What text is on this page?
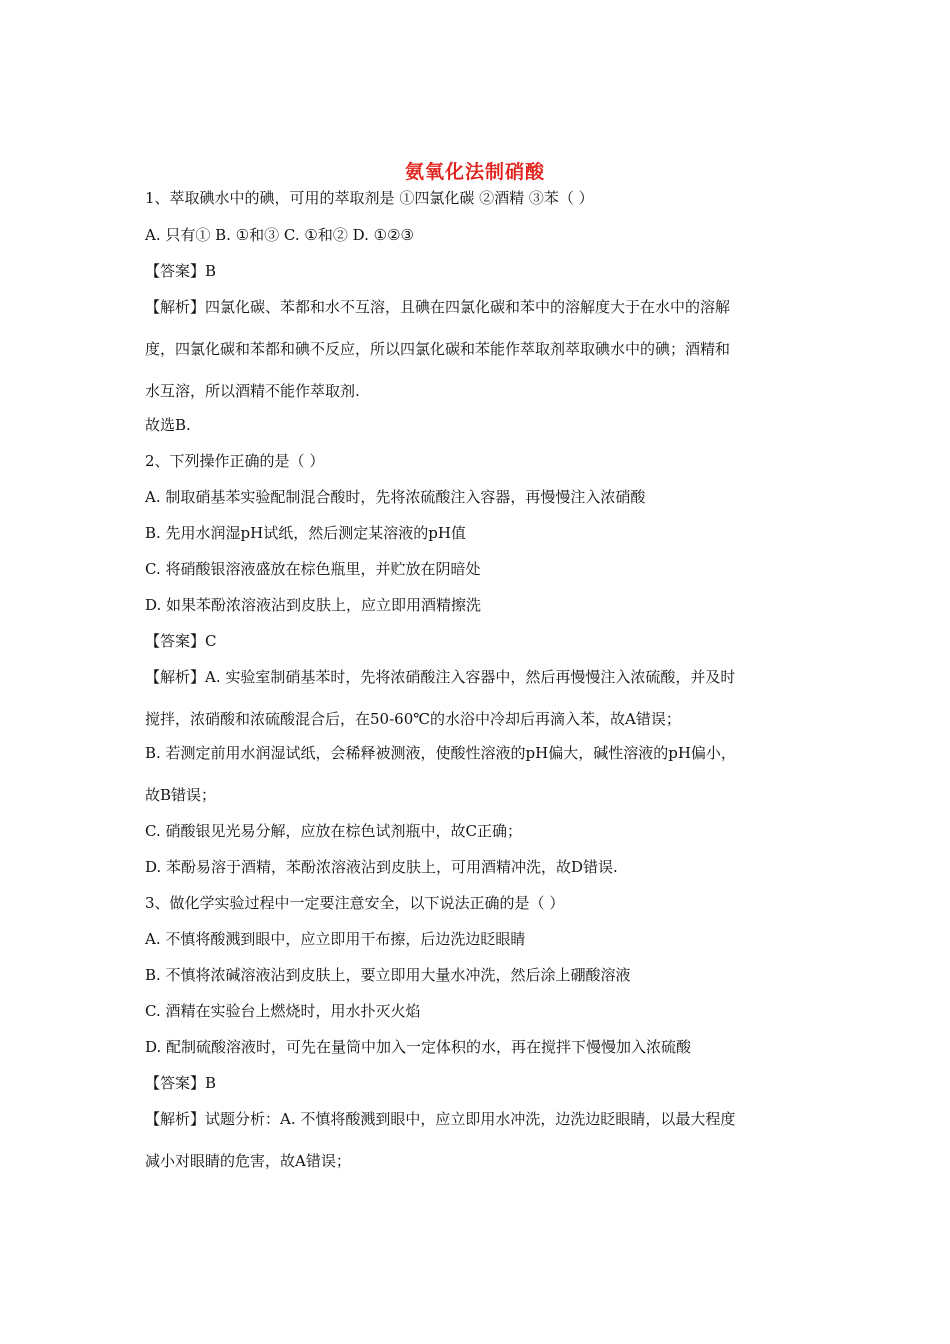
氨氧化法制硝酸
1、萃取碘水中的碘，可用的萃取剂是 ①四氯化碳 ②酒精 ③苯（ ）
A. 只有① B. ①和③ C. ①和② D. ①②③
【答案】B
【解析】四氯化碳、苯都和水不互溶，且碘在四氯化碳和苯中的溶解度大于在水中的溶解
度，四氯化碳和苯都和碘不反应，所以四氯化碳和苯能作萃取剂萃取碘水中的碘；酒精和
水互溶，所以酒精不能作萃取剂.
故选B.
2、下列操作正确的是（ ）
A. 制取硝基苯实验配制混合酸时，先将浓硫酸注入容器，再慢慢注入浓硝酸
B. 先用水润湿pH试纸，然后测定某溶液的pH值
C. 将硝酸银溶液盛放在棕色瓶里，并贮放在阴暗处
D. 如果苯酚浓溶液沾到皮肤上，应立即用酒精擦洗
【答案】C
【解析】A. 实验室制硝基苯时，先将浓硝酸注入容器中，然后再慢慢注入浓硫酸，并及时
搅拌，浓硝酸和浓硫酸混合后，在50-60℃的水浴中冷却后再滴入苯，故A错误；
B. 若测定前用水润湿试纸，会稀释被测液，使酸性溶液的pH偏大，碱性溶液的pH偏小，
故B错误；
C. 硝酸银见光易分解，应放在棕色试剂瓶中，故C正确；
D. 苯酚易溶于酒精，苯酚浓溶液沾到皮肤上，可用酒精冲洗，故D错误.
3、做化学实验过程中一定要注意安全，以下说法正确的是（ ）
A. 不慎将酸溅到眼中，应立即用干布擦，后边洗边眨眼睛
B. 不慎将浓碱溶液沾到皮肤上，要立即用大量水冲洗，然后涂上硼酸溶液
C. 酒精在实验台上燃烧时，用水扑灭火焰
D. 配制硫酸溶液时，可先在量筒中加入一定体积的水，再在搅拌下慢慢加入浓硫酸
【答案】B
【解析】试题分析：A. 不慎将酸溅到眼中，应立即用水冲洗，边洗边眨眼睛，以最大程度
减小对眼睛的危害，故A错误；
